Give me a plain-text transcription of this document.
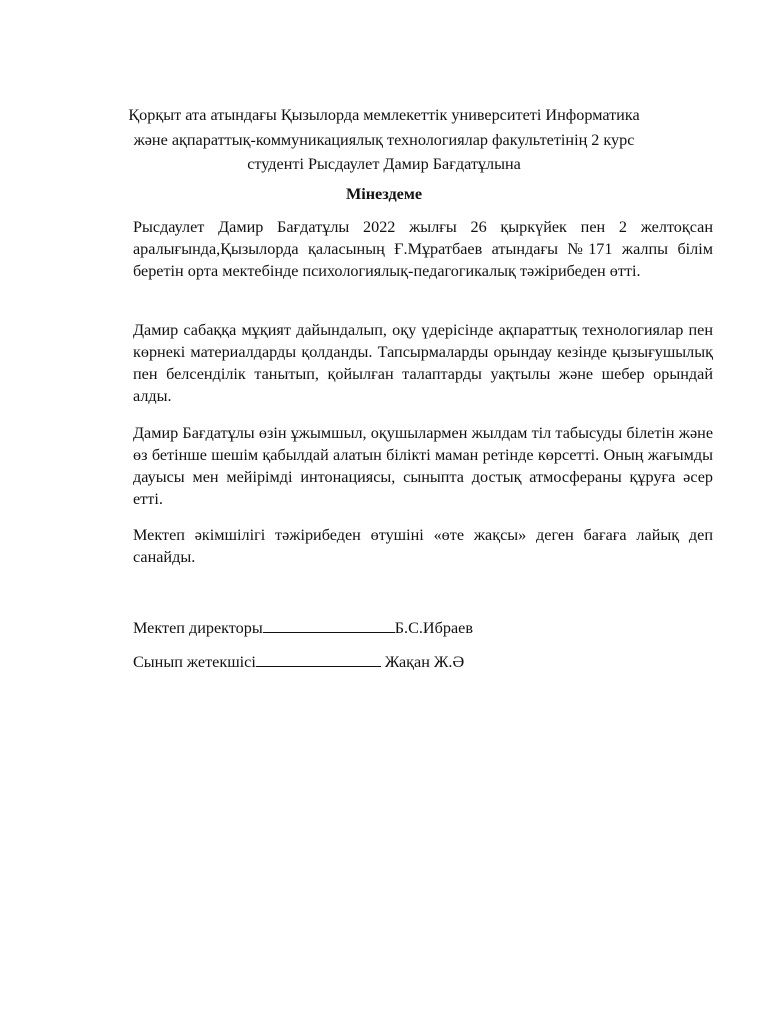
Қорқыт ата атындағы Қызылорда мемлекеттік университеті Информатика
және ақпараттық-коммуникациялық технологиялар факультетінің 2 курс
студенті Рысдаулет Дамир Бағдатұлына
Мінездеме

Рысдаулет Дамир Бағдатұлы 2022 жылғы 26 қыркүйек пен 2 желтоқсан аралығында,Қызылорда қаласының Ғ.Мұратбаев атындағы №171 жалпы білім беретін орта мектебінде психологиялық-педагогикалық тәжірибеден өтті.

Дамир сабаққа мұқият дайындалып, оқу үдерісінде ақпараттық технологиялар пен көрнекі материалдарды қолданды. Тапсырмаларды орындау кезінде қызығушылық пен белсенділік танытып, қойылған талаптарды уақтылы және шебер орындай алды.

Дамир Бағдатұлы өзін ұжымшыл, оқушылармен жылдам тіл табысуды білетін және өз бетінше шешім қабылдай алатын білікті маман ретінде көрсетті. Оның жағымды дауысы мен мейірімді интонациясы, сыныпта достық атмосфераны құруға әсер етті.

Мектеп әкімшілігі тәжірибеден өтушіні «өте жақсы» деген бағаға лайық деп санайды.

Мектеп директоры	Б.С.Ибраев
Сынып жетекшісі	Жақан Ж.Ә
